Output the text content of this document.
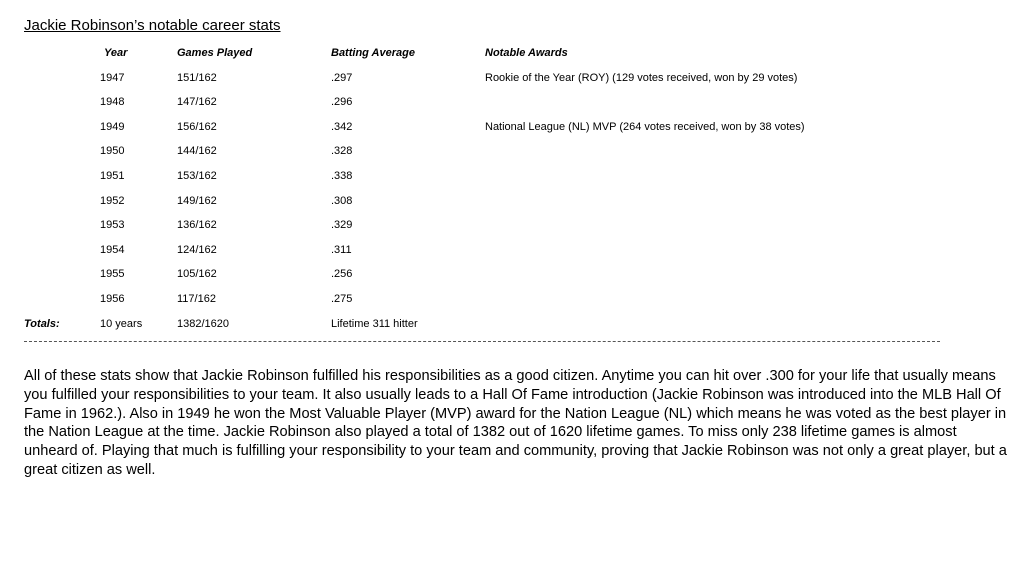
Jackie Robinson’s notable career stats
Year	Games Played	Batting Average	Notable Awards
1947	151/162	.297	Rookie of the Year (ROY) (129 votes received, won by 29 votes)
1948	147/162	.296
1949	156/162	.342	National League (NL) MVP (264 votes received, won by 38 votes)
1950	144/162	.328
1951	153/162	.338
1952	149/162	.308
1953	136/162	.329
1954	124/162	.311
1955	105/162	.256
1956	117/162	.275
Totals:	10 years	1382/1620	Lifetime 311 hitter
All of these stats show that Jackie Robinson fulfilled his responsibilities as a good citizen. Anytime you can hit over .300 for your life that usually means you fulfilled your responsibilities to your team. It also usually leads to a Hall Of Fame introduction (Jackie Robinson was introduced into the MLB Hall Of Fame in 1962.). Also in 1949 he won the Most Valuable Player (MVP) award for the Nation League (NL) which means he was voted as the best player in the Nation League at the time. Jackie Robinson also played a total of 1382 out of 1620 lifetime games. To miss only 238 lifetime games is almost unheard of. Playing that much is fulfilling your responsibility to your team and community, proving that Jackie Robinson was not only a great player, but a great citizen as well.
